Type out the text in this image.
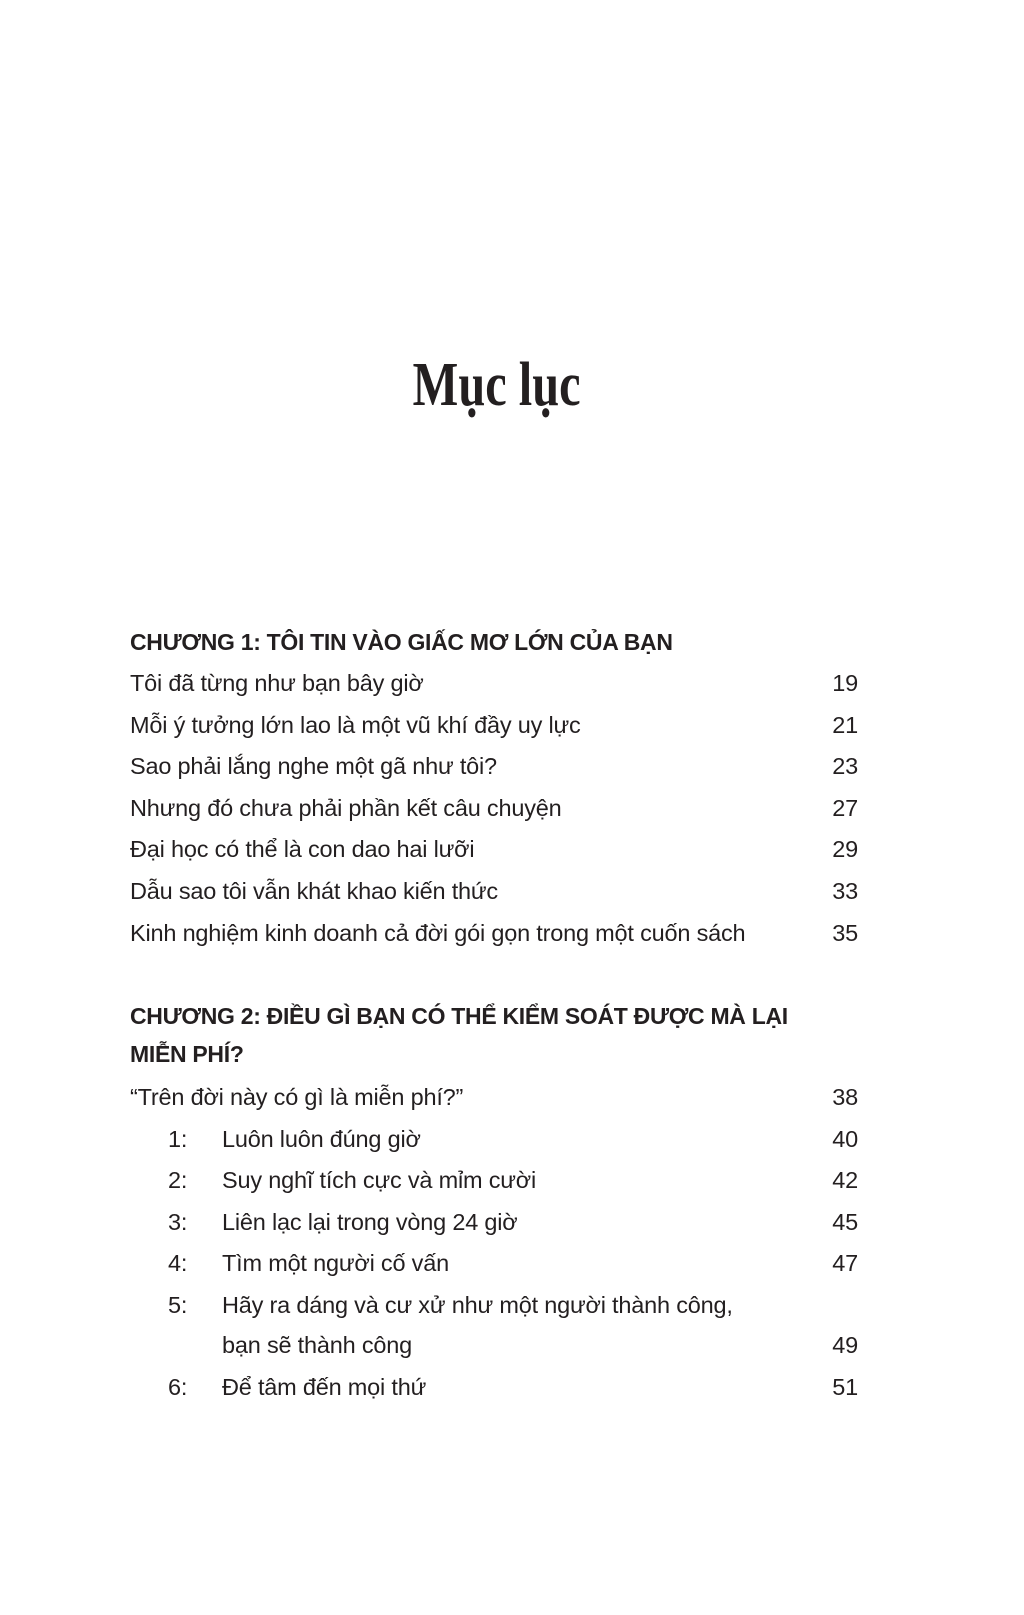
Mục lục
CHƯƠNG 1: TÔI TIN VÀO GIẤC MƠ LỚN CỦA BẠN
Tôi đã từng như bạn bây giờ	19
Mỗi ý tưởng lớn lao là một vũ khí đầy uy lực	21
Sao phải lắng nghe một gã như tôi?	23
Nhưng đó chưa phải phần kết câu chuyện	27
Đại học có thể là con dao hai lưỡi	29
Dẫu sao tôi vẫn khát khao kiến thức	33
Kinh nghiệm kinh doanh cả đời gói gọn trong một cuốn sách	35
CHƯƠNG 2: ĐIỀU GÌ BẠN CÓ THỂ KIỂM SOÁT ĐƯỢC MÀ LẠI
MIỄN PHÍ?
“Trên đời này có gì là miễn phí?”	38
1:	Luôn luôn đúng giờ	40
2:	Suy nghĩ tích cực và mỉm cười	42
3:	Liên lạc lại trong vòng 24 giờ	45
4:	Tìm một người cố vấn	47
5:	Hãy ra dáng và cư xử như một người thành công,
bạn sẽ thành công	49
6:	Để tâm đến mọi thứ	51
